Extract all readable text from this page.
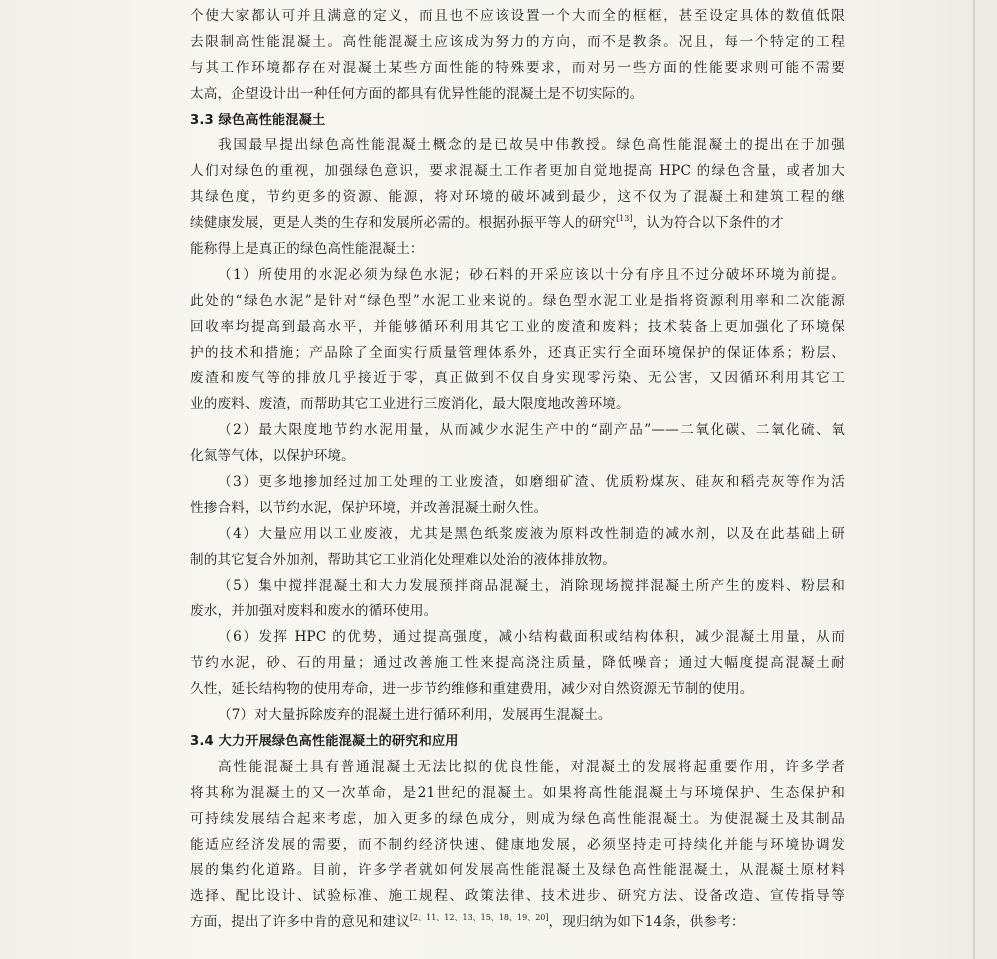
个使大家都认可并且满意的定义，而且也不应该设置一个大而全的框框，甚至设定具体的数值低限
去限制高性能混凝土。高性能混凝土应该成为努力的方向，而不是教条。况且，每一个特定的工程
与其工作环境都存在对混凝土某些方面性能的特殊要求，而对另一些方面的性能要求则可能不需要
太高，企望设计出一种任何方面的都具有优异性能的混凝土是不切实际的。
3.3 绿色高性能混凝土
我国最早提出绿色高性能混凝土概念的是已故吴中伟教授。绿色高性能混凝土的提出在于加强
人们对绿色的重视，加强绿色意识，要求混凝土工作者更加自觉地提高 HPC 的绿色含量，或者加大
其绿色度，节约更多的资源、能源，将对环境的破坏减到最少，这不仅为了混凝土和建筑工程的继
续健康发展，更是人类的生存和发展所必需的。根据孙振平等人的研究[13]，认为符合以下条件的才
能称得上是真正的绿色高性能混凝土：
（1）所使用的水泥必须为绿色水泥；砂石料的开采应该以十分有序且不过分破坏环境为前提。
此处的“绿色水泥”是针对“绿色型”水泥工业来说的。绿色型水泥工业是指将资源利用率和二次能源
回收率均提高到最高水平，并能够循环利用其它工业的废渣和废料；技术装备上更加强化了环境保
护的技术和措施；产品除了全面实行质量管理体系外，还真正实行全面环境保护的保证体系；粉层、
废渣和废气等的排放几乎接近于零，真正做到不仅自身实现零污染、无公害，又因循环利用其它工
业的废料、废渣，而帮助其它工业进行三废消化，最大限度地改善环境。
（2）最大限度地节约水泥用量，从而减少水泥生产中的“副产品”——二氧化碳、二氧化硫、氧
化氮等气体，以保护环境。
（3）更多地掺加经过加工处理的工业废渣，如磨细矿渣、优质粉煤灰、硅灰和稻壳灰等作为活
性掺合料，以节约水泥，保护环境，并改善混凝土耐久性。
（4）大量应用以工业废液，尤其是黑色纸浆废液为原料改性制造的减水剂，以及在此基础上研
制的其它复合外加剂，帮助其它工业消化处理难以处治的液体排放物。
（5）集中搅拌混凝土和大力发展预拌商品混凝土，消除现场搅拌混凝土所产生的废料、粉层和
废水，并加强对废料和废水的循环使用。
（6）发挥 HPC 的优势，通过提高强度，减小结构截面积或结构体积，减少混凝土用量，从而
节约水泥，砂、石的用量；通过改善施工性来提高浇注质量，降低噪音；通过大幅度提高混凝土耐
久性，延长结构物的使用寿命，进一步节约维修和重建费用，减少对自然资源无节制的使用。
（7）对大量拆除废弃的混凝土进行循环利用，发展再生混凝土。
3.4 大力开展绿色高性能混凝土的研究和应用
高性能混凝土具有普通混凝土无法比拟的优良性能，对混凝土的发展将起重要作用，许多学者
将其称为混凝土的又一次革命，是21世纪的混凝土。如果将高性能混凝土与环境保护、生态保护和
可持续发展结合起来考虑，加入更多的绿色成分，则成为绿色高性能混凝土。为使混凝土及其制品
能适应经济发展的需要，而不制约经济快速、健康地发展，必须坚持走可持续化并能与环境协调发
展的集约化道路。目前，许多学者就如何发展高性能混凝土及绿色高性能混凝土，从混凝土原材料
选择、配比设计、试验标准、施工规程、政策法律、技术进步、研究方法、设备改造、宣传指导等
方面，提出了许多中肯的意见和建议[2、11、12、13、15、18、19、20]，现归纳为如下14条，供参考：
